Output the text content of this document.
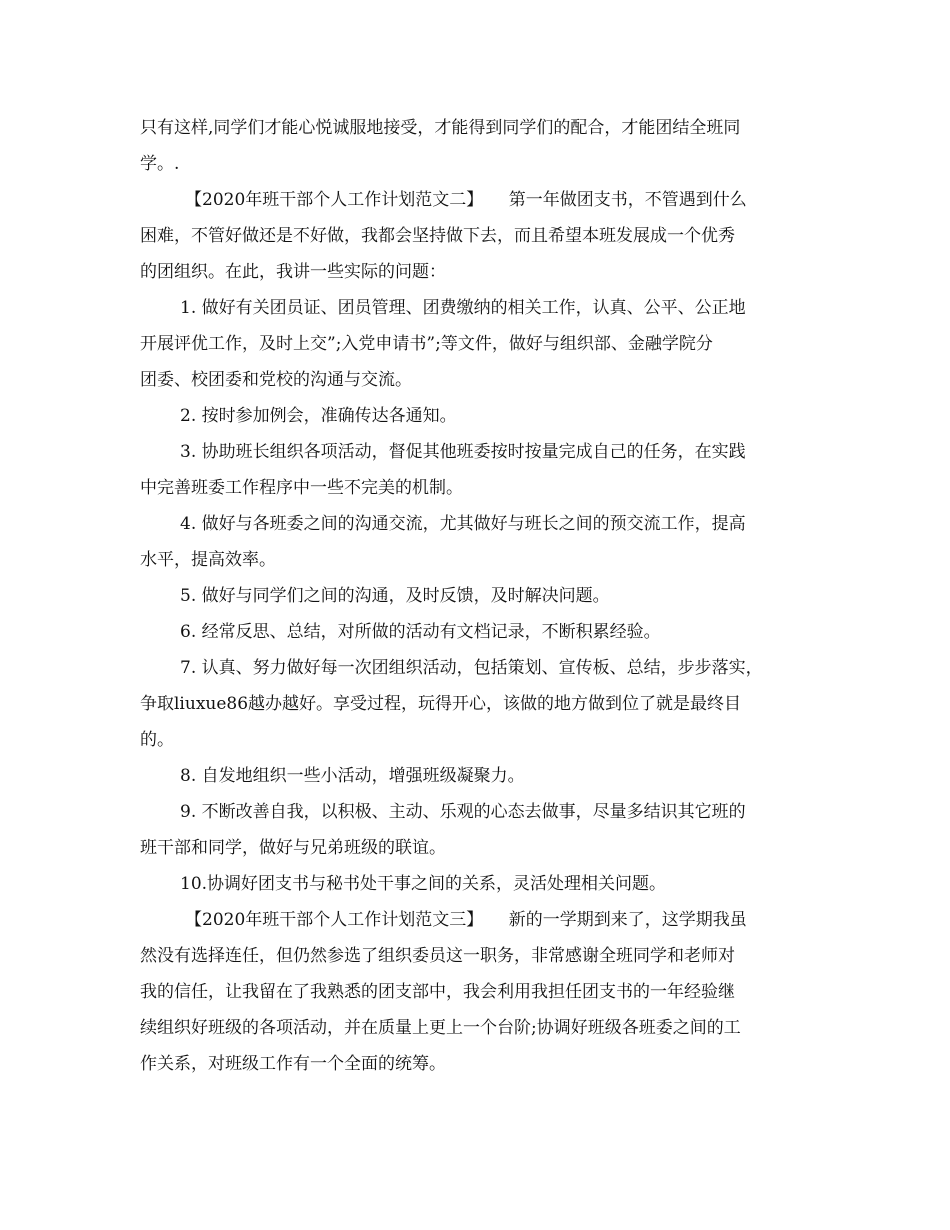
只有这样,同学们才能心悦诚服地接受，才能得到同学们的配合，才能团结全班同
学。.
【2020年班干部个人工作计划范文二】　　第一年做团支书，不管遇到什么
困难，不管好做还是不好做，我都会坚持做下去，而且希望本班发展成一个优秀
的团组织。在此，我讲一些实际的问题：
1. 做好有关团员证、团员管理、团费缴纳的相关工作，认真、公平、公正地
开展评优工作，及时上交”;入党申请书”;等文件，做好与组织部、金融学院分
团委、校团委和党校的沟通与交流。
2. 按时参加例会，准确传达各通知。
3. 协助班长组织各项活动，督促其他班委按时按量完成自己的任务，在实践
中完善班委工作程序中一些不完美的机制。
4. 做好与各班委之间的沟通交流，尤其做好与班长之间的预交流工作，提高
水平，提高效率。
5. 做好与同学们之间的沟通，及时反馈，及时解决问题。
6. 经常反思、总结，对所做的活动有文档记录，不断积累经验。
7. 认真、努力做好每一次团组织活动，包括策划、宣传板、总结，步步落实，
争取liuxue86越办越好。享受过程，玩得开心，该做的地方做到位了就是最终目
的。
8. 自发地组织一些小活动，增强班级凝聚力。
9. 不断改善自我，以积极、主动、乐观的心态去做事，尽量多结识其它班的
班干部和同学，做好与兄弟班级的联谊。
10.协调好团支书与秘书处干事之间的关系，灵活处理相关问题。
【2020年班干部个人工作计划范文三】　　新的一学期到来了，这学期我虽
然没有选择连任，但仍然参选了组织委员这一职务，非常感谢全班同学和老师对
我的信任，让我留在了我熟悉的团支部中，我会利用我担任团支书的一年经验继
续组织好班级的各项活动，并在质量上更上一个台阶;协调好班级各班委之间的工
作关系，对班级工作有一个全面的统筹。
